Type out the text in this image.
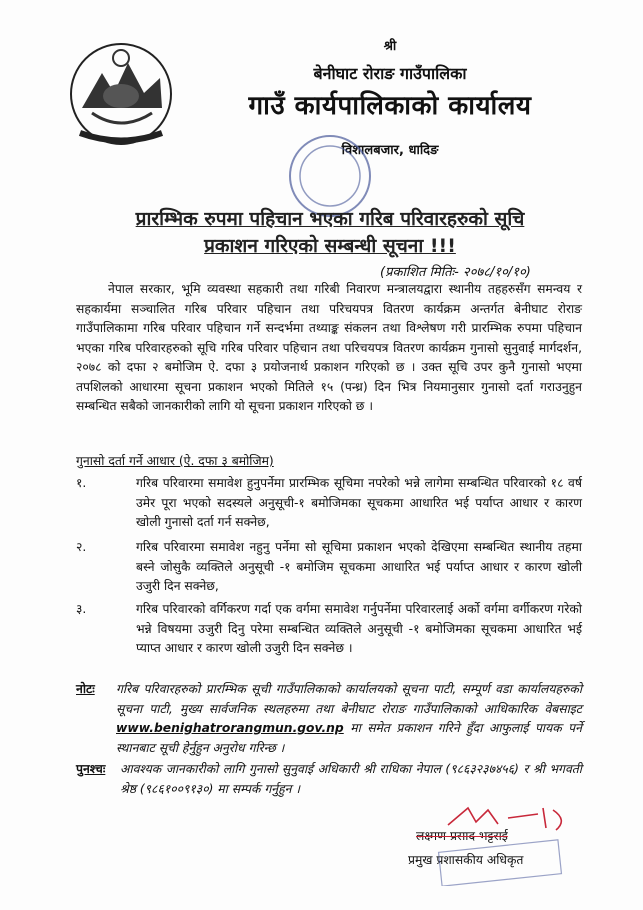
श्री
बेनीघाट रोराङ गाउँपालिका
गाउँ कार्यपालिकाको कार्यालय
विशालबजार, धादिङ
प्रारम्भिक रुपमा पहिचान भएका गरिब परिवारहरुको सूचि
प्रकाशन गरिएको सम्बन्धी सूचना !!!
(प्रकाशित मितिः- २०७८/१०/१०)
नेपाल सरकार, भूमि व्यवस्था सहकारी तथा गरिबी निवारण मन्त्रालयद्वारा स्थानीय तहहरुसँग समन्वय र सहकार्यमा सञ्चालित गरिब परिवार पहिचान तथा परिचयपत्र वितरण कार्यक्रम अन्तर्गत बेनीघाट रोराङ गाउँपालिकामा गरिब परिवार पहिचान गर्ने सन्दर्भमा तथ्याङ्क संकलन तथा विश्लेषण गरी प्रारम्भिक रुपमा पहिचान भएका गरिब परिवारहरुको सूचि गरिब परिवार पहिचान तथा परिचयपत्र वितरण कार्यक्रम गुनासो सुनुवाई मार्गदर्शन, २०७८ को दफा २ बमोजिम ऐ. दफा ३ प्रयोजनार्थ प्रकाशन गरिएको छ । उक्त सूचि उपर कुनै गुनासो भएमा तपशिलको आधारमा सूचना प्रकाशन भएको मितिले १५ (पन्ध्र) दिन भित्र नियमानुसार गुनासो दर्ता गराउनुहुन सम्बन्धित सबैको जानकारीको लागि यो सूचना प्रकाशन गरिएको छ ।
गुनासो दर्ता गर्ने आधार (ऐ. दफा ३ बमोजिम)
१.	गरिब परिवारमा समावेश हुनुपर्नेमा प्रारम्भिक सूचिमा नपरेको भन्ने लागेमा सम्बन्धित परिवारको १८ वर्ष उमेर पूरा भएको सदस्यले अनुसूची-१ बमोजिमका सूचकमा आधारित भई पर्याप्त आधार र कारण खोली गुनासो दर्ता गर्न सक्नेछ,
२.	गरिब परिवारमा समावेश नहुनु पर्नेमा सो सूचिमा प्रकाशन भएको देखिएमा सम्बन्धित स्थानीय तहमा बस्ने जोसुकै व्यक्तिले अनुसूची -१ बमोजिम सूचकमा आधारित भई पर्याप्त आधार र कारण खोली उजुरी दिन सक्नेछ,
३.	गरिब परिवारको वर्गिकरण गर्दा एक वर्गमा समावेश गर्नुपर्नेमा परिवारलाई अर्को वर्गमा वर्गीकरण गरेको भन्ने विषयमा उजुरी दिनु परेमा सम्बन्धित व्यक्तिले अनुसूची -१ बमोजिमका सूचकमा आधारित भई प्याप्त आधार र कारण खोली उजुरी दिन सक्नेछ ।
नोटः गरिब परिवारहरुको प्रारम्भिक सूची गाउँपालिकाको कार्यालयको सूचना पाटी, सम्पूर्ण वडा कार्यालयहरुको सूचना पाटी, मुख्य सार्वजनिक स्थलहरुमा तथा बेनीघाट रोराङ गाउँपालिकाको आधिकारिक वेबसाइट www.benighatrorangmun.gov.np मा समेत प्रकाशन गरिने हुँदा आफुलाई पायक पर्ने स्थानबाट सूची हेर्नुहुन अनुरोध गरिन्छ ।
पुनश्चः आवश्यक जानकारीको लागि गुनासो सुनुवाई अधिकारी श्री राधिका नेपाल (९८६३२३७४५६) र श्री भगवती श्रेष्ठ (९८६१००९१३०) मा सम्पर्क गर्नुहुन ।
लक्ष्मण प्रसाद भट्टराई
प्रमुख प्रशासकीय अधिकृत
